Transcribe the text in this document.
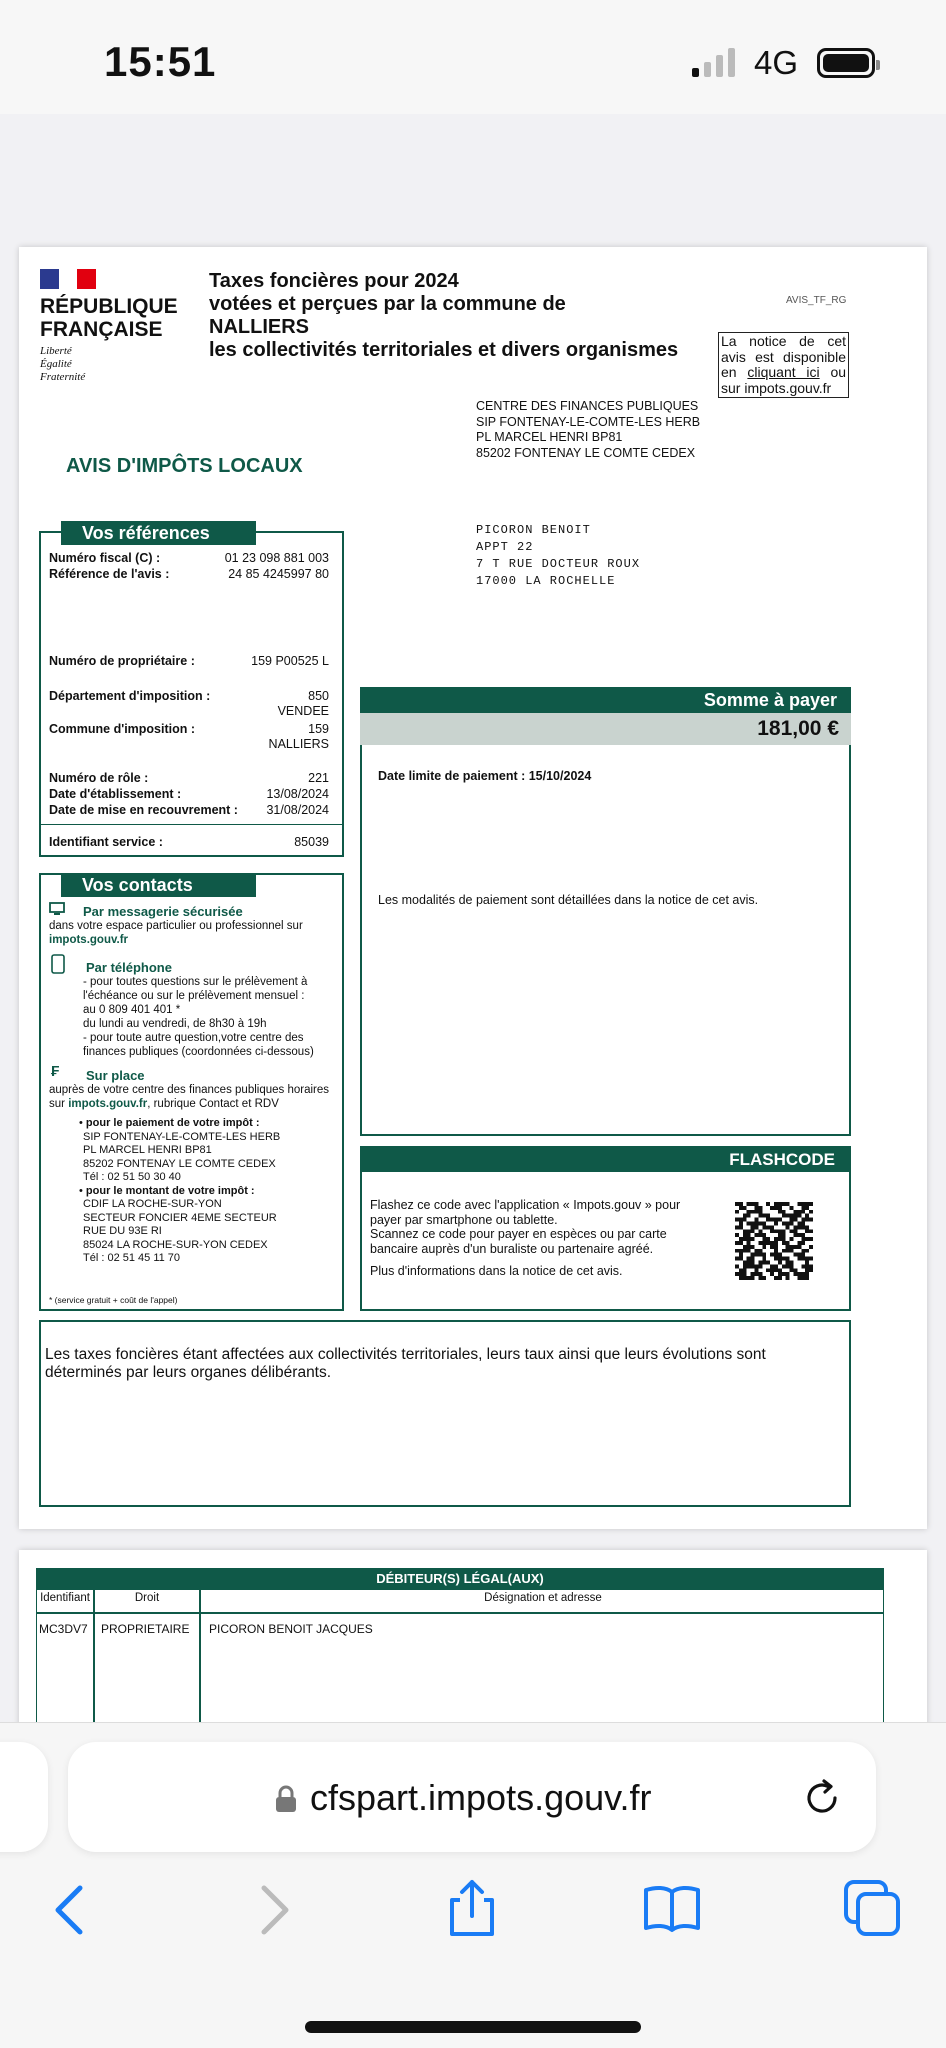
15:51	4G
RÉPUBLIQUE
FRANÇAISE
Liberté
Égalité
Fraternité
Taxes foncières pour 2024
votées et perçues par la commune de
NALLIERS
les collectivités territoriales et divers organismes
AVIS_TF_RG
La notice de cet avis est disponible en cliquant ici ou sur impots.gouv.fr
CENTRE DES FINANCES PUBLIQUES
SIP FONTENAY-LE-COMTE-LES HERB
PL MARCEL HENRI BP81
85202 FONTENAY LE COMTE CEDEX
AVIS D'IMPÔTS LOCAUX
PICORON BENOIT
APPT 22
7 T RUE DOCTEUR ROUX
17000 LA ROCHELLE
Vos références
Numéro fiscal (C) :	01 23 098 881 003
Référence de l'avis :	24 85 4245997 80
Numéro de propriétaire :	159 P00525 L
Département d'imposition :	850
VENDEE
Commune d'imposition :	159
NALLIERS
Numéro de rôle :	221
Date d'établissement :	13/08/2024
Date de mise en recouvrement : 31/08/2024
Identifiant service :	85039
Somme à payer
181,00 €
Date limite de paiement : 15/10/2024
Les modalités de paiement sont détaillées dans la notice de cet avis.
Vos contacts
Par messagerie sécurisée
dans votre espace particulier ou professionnel sur
impots.gouv.fr
Par téléphone
- pour toutes questions sur le prélèvement à l'échéance ou sur le prélèvement mensuel :
au 0 809 401 401 *
du lundi au vendredi, de 8h30 à 19h
- pour toute autre question,votre centre des finances publiques (coordonnées ci-dessous)
₣ Sur place
auprès de votre centre des finances publiques horaires sur impots.gouv.fr, rubrique Contact et RDV
• pour le paiement de votre impôt :
SIP FONTENAY-LE-COMTE-LES HERB
PL MARCEL HENRI BP81
85202 FONTENAY LE COMTE CEDEX
Tél : 02 51 50 30 40
• pour le montant de votre impôt :
CDIF LA ROCHE-SUR-YON
SECTEUR FONCIER 4EME SECTEUR
RUE DU 93E RI
85024 LA ROCHE-SUR-YON CEDEX
Tél : 02 51 45 11 70
* (service gratuit + coût de l'appel)
FLASHCODE
Flashez ce code avec l'application « Impots.gouv » pour payer par smartphone ou tablette.
Scannez ce code pour payer en espèces ou par carte bancaire auprès d'un buraliste ou partenaire agréé.
Plus d'informations dans la notice de cet avis.
Les taxes foncières étant affectées aux collectivités territoriales, leurs taux ainsi que leurs évolutions sont déterminés par leurs organes délibérants.
DÉBITEUR(S) LÉGAL(AUX)
Identifiant	Droit	Désignation et adresse
MC3DV7 PROPRIETAIRE PICORON BENOIT JACQUES
cfspart.impots.gouv.fr
